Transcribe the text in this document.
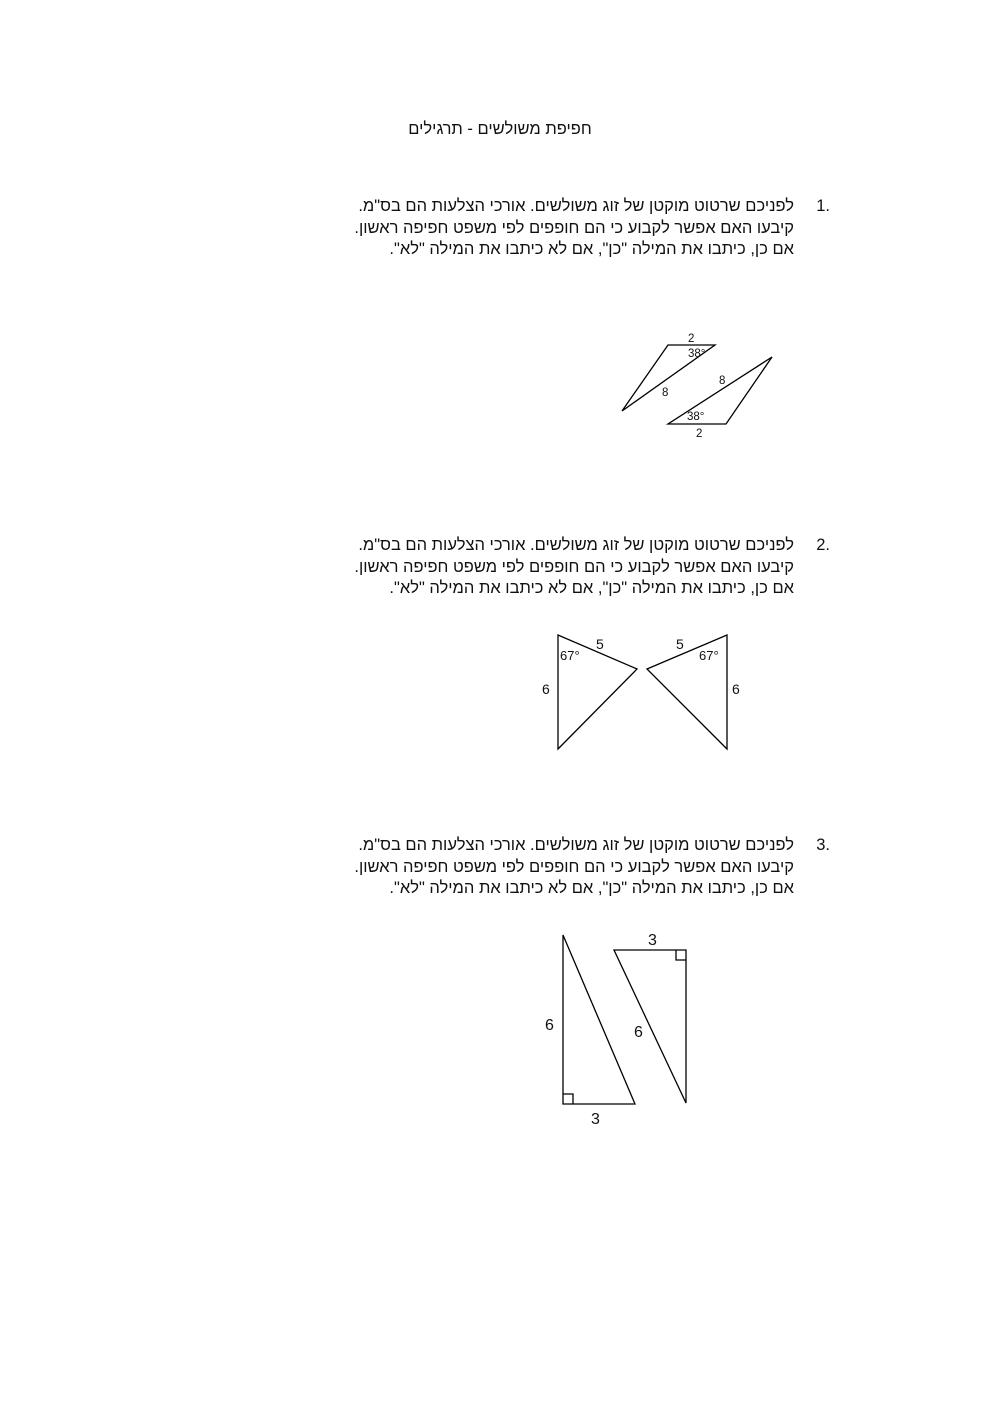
חפיפת משולשים - תרגילים
1.
לפניכם שרטוט מוקטן של זוג משולשים. אורכי הצלעות הם בס"מ.
קיבעו האם אפשר לקבוע כי הם חופפים לפי משפט חפיפה ראשון.
אם כן, כיתבו את המילה "כן", אם לא כיתבו את המילה "לא".
2
38°
8
8
38°
2
2.
לפניכם שרטוט מוקטן של זוג משולשים. אורכי הצלעות הם בס"מ.
קיבעו האם אפשר לקבוע כי הם חופפים לפי משפט חפיפה ראשון.
אם כן, כיתבו את המילה "כן", אם לא כיתבו את המילה "לא".
5
67°
6
5
67°
6
3.
לפניכם שרטוט מוקטן של זוג משולשים. אורכי הצלעות הם בס"מ.
קיבעו האם אפשר לקבוע כי הם חופפים לפי משפט חפיפה ראשון.
אם כן, כיתבו את המילה "כן", אם לא כיתבו את המילה "לא".
6
3
3
6
